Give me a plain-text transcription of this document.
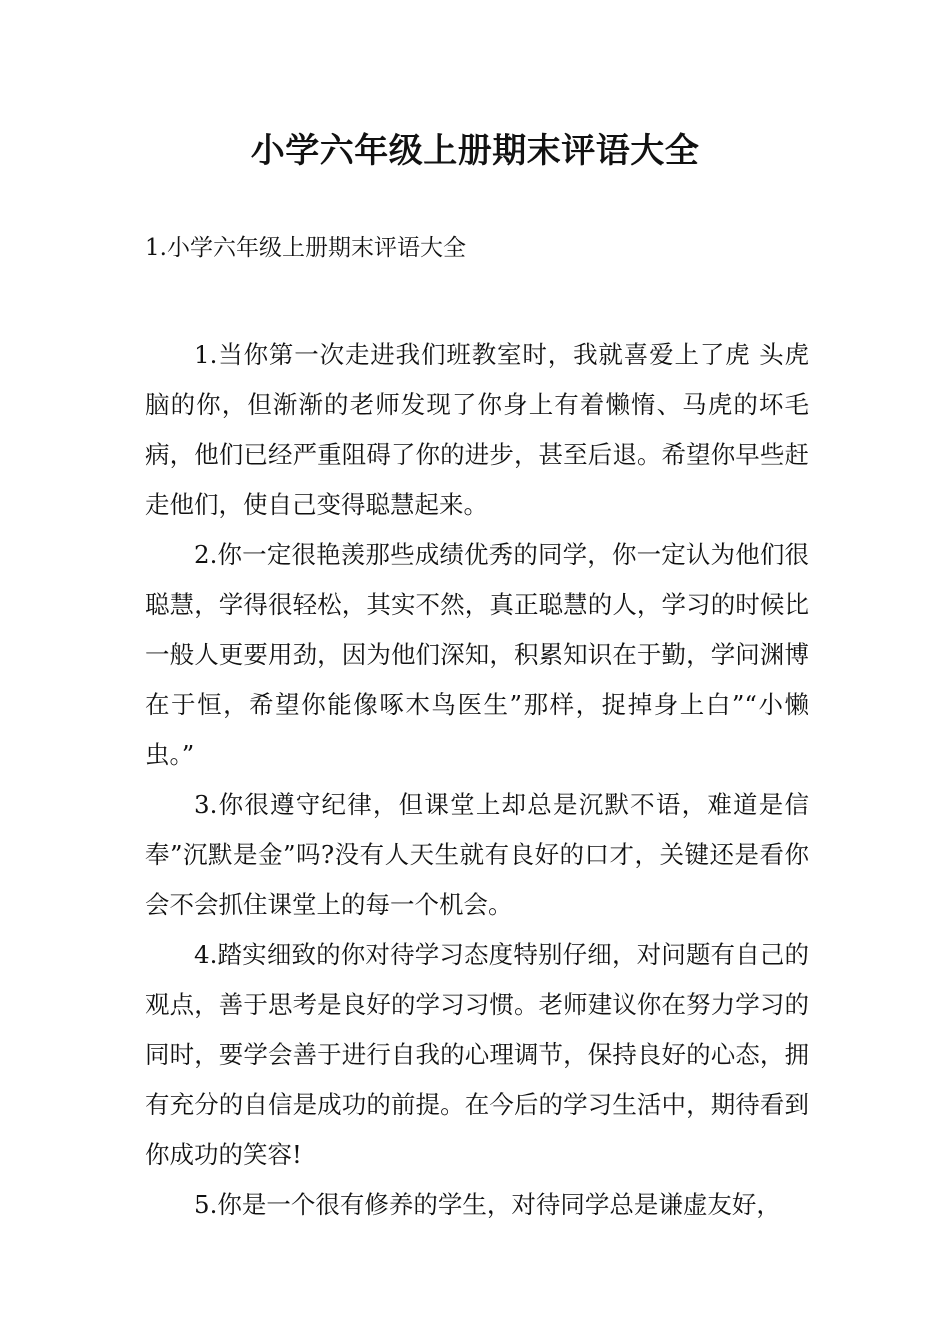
小学六年级上册期末评语大全

1.小学六年级上册期末评语大全

1.当你第一次走进我们班教室时，我就喜爱上了虎 头虎脑的你，但渐渐的老师发现了你身上有着懒惰、马虎的坏毛病，他们已经严重阻碍了你的进步，甚至后退。希望你早些赶走他们，使自己变得聪慧起来。

2.你一定很艳羡那些成绩优秀的同学，你一定认为他们很聪慧，学得很轻松，其实不然，真正聪慧的人，学习的时候比一般人更要用劲，因为他们深知，积累知识在于勤，学问渊博在于恒，希望你能像啄木鸟医生”那样，捉掉身上白”“小懒虫。”

3.你很遵守纪律，但课堂上却总是沉默不语，难道是信奉”沉默是金”吗?没有人天生就有良好的口才，关键还是看你会不会抓住课堂上的每一个机会。

4.踏实细致的你对待学习态度特别仔细，对问题有自己的观点，善于思考是良好的学习习惯。老师建议你在努力学习的同时，要学会善于进行自我的心理调节，保持良好的心态，拥有充分的自信是成功的前提。在今后的学习生活中，期待看到你成功的笑容!

5.你是一个很有修养的学生，对待同学总是谦虚友好，
